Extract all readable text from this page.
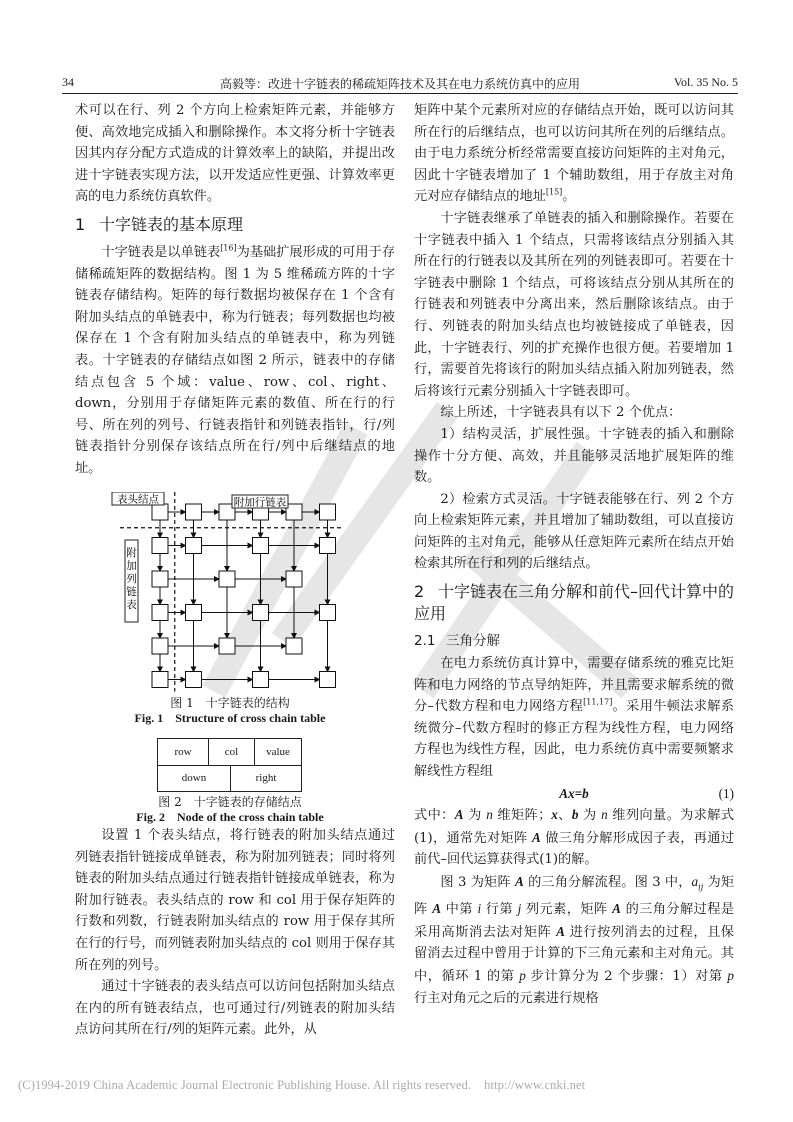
34	高毅等：改进十字链表的稀疏矩阵技术及其在电力系统仿真中的应用	Vol. 35 No. 5

术可以在行、列 2 个方向上检索矩阵元素，并能够方便、高效地完成插入和删除操作。本文将分析十字链表因其内存分配方式造成的计算效率上的缺陷，并提出改进十字链表实现方法，以开发适应性更强、计算效率更高的电力系统仿真软件。

1 十字链表的基本原理

十字链表是以单链表[16]为基础扩展形成的可用于存储稀疏矩阵的数据结构。图 1 为 5 维稀疏方阵的十字链表存储结构。矩阵的每行数据均被保存在 1 个含有附加头结点的单链表中，称为行链表；每列数据也均被保存在 1 个含有附加头结点的单链表中，称为列链表。十字链表的存储结点如图 2 所示，链表中的存储结点包含 5 个域：value、row、col、right、down，分别用于存储矩阵元素的数值、所在行的行号、所在列的列号、行链表指针和列链表指针，行/列链表指针分别保存该结点所在行/列中后继结点的地址。

表头结点	附加行链表
附加列链表
图 1　十字链表的结构
Fig. 1　Structure of cross chain table
row	col	value
down	right
图 2　十字链表的存储结点
Fig. 2　Node of the cross chain table

设置 1 个表头结点，将行链表的附加头结点通过列链表指针链接成单链表，称为附加列链表；同时将列链表的附加头结点通过行链表指针链接成单链表，称为附加行链表。表头结点的 row 和 col 用于保存矩阵的行数和列数，行链表附加头结点的 row 用于保存其所在行的行号，而列链表附加头结点的 col 则用于保存其所在列的列号。

通过十字链表的表头结点可以访问包括附加头结点在内的所有链表结点，也可通过行/列链表的附加头结点访问其所在行/列的矩阵元素。此外，从

矩阵中某个元素所对应的存储结点开始，既可以访问其所在行的后继结点，也可以访问其所在列的后继结点。由于电力系统分析经常需要直接访问矩阵的主对角元，因此十字链表增加了 1 个辅助数组，用于存放主对角元对应存储结点的地址[15]。

十字链表继承了单链表的插入和删除操作。若要在十字链表中插入 1 个结点，只需将该结点分别插入其所在行的行链表以及其所在列的列链表即可。若要在十字链表中删除 1 个结点，可将该结点分别从其所在的行链表和列链表中分离出来，然后删除该结点。由于行、列链表的附加头结点也均被链接成了单链表，因此，十字链表行、列的扩充操作也很方便。若要增加 1 行，需要首先将该行的附加头结点插入附加列链表，然后将该行元素分别插入十字链表即可。

综上所述，十字链表具有以下 2 个优点：

1）结构灵活，扩展性强。十字链表的插入和删除操作十分方便、高效，并且能够灵活地扩展矩阵的维数。

2）检索方式灵活。十字链表能够在行、列 2 个方向上检索矩阵元素，并且增加了辅助数组，可以直接访问矩阵的主对角元，能够从任意矩阵元素所在结点开始检索其所在行和列的后继结点。

2 十字链表在三角分解和前代–回代计算中的应用
2.1 三角分解

在电力系统仿真计算中，需要存储系统的雅克比矩阵和电力网络的节点导纳矩阵，并且需要求解系统的微分–代数方程和电力网络方程[11,17]。采用牛顿法求解系统微分–代数方程时的修正方程为线性方程，电力网络方程也为线性方程，因此，电力系统仿真中需要频繁求解线性方程组

Ax=b	(1)

式中：A 为 n 维矩阵；x、b 为 n 维列向量。为求解式(1)，通常先对矩阵 A 做三角分解形成因子表，再通过前代–回代运算获得式(1)的解。

图 3 为矩阵 A 的三角分解流程。图 3 中，$a_{ij}$ 为矩阵 A 中第 i 行第 j 列元素，矩阵 A 的三角分解过程是采用高斯消去法对矩阵 A 进行按列消去的过程，且保留消去过程中曾用于计算的下三角元素和主对角元。其中，循环 1 的第 p 步计算分为 2 个步骤：1）对第 p 行主对角元之后的元素进行规格

(C)1994-2019 China Academic Journal Electronic Publishing House. All rights reserved. http://www.cnki.net
